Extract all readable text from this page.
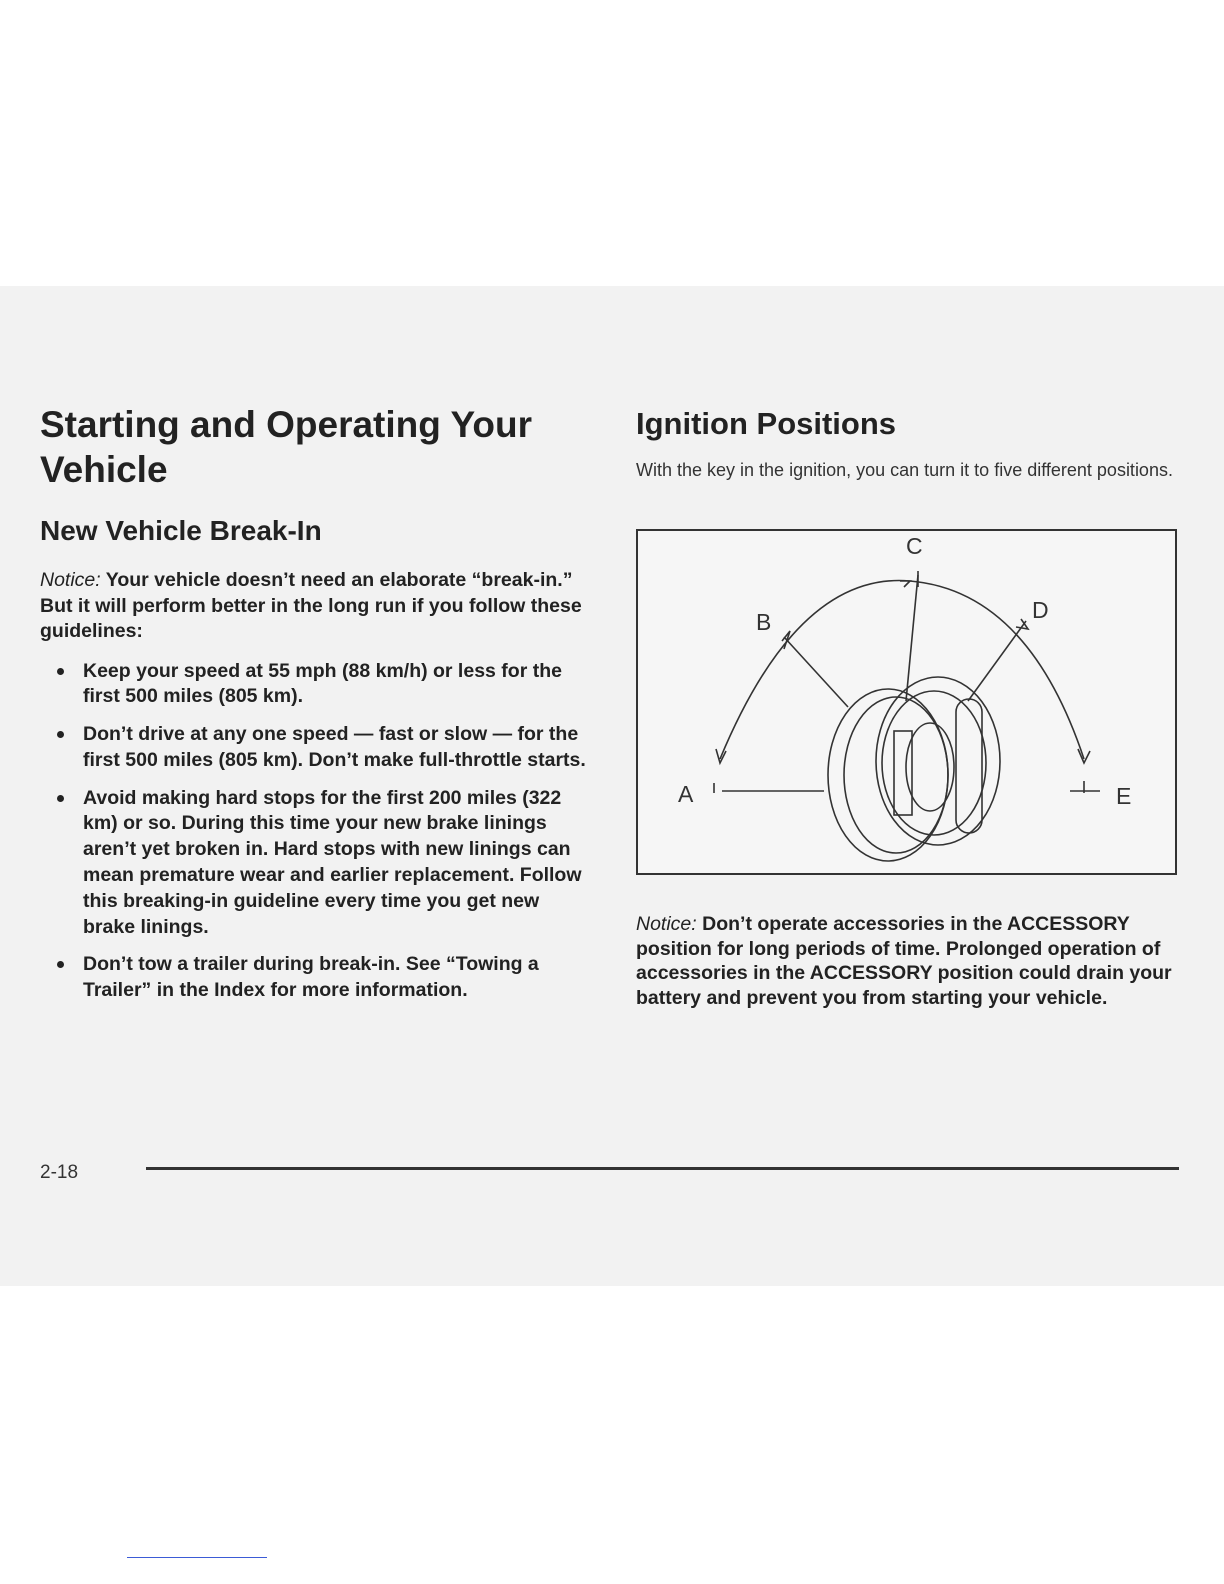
Starting and Operating Your Vehicle
New Vehicle Break-In

Notice: Your vehicle doesn’t need an elaborate “break-in.” But it will perform better in the long run if you follow these guidelines:

Keep your speed at 55 mph (88 km/h) or less for the first 500 miles (805 km).
Don’t drive at any one speed — fast or slow — for the first 500 miles (805 km). Don’t make full-throttle starts.
Avoid making hard stops for the first 200 miles (322 km) or so. During this time your new brake linings aren’t yet broken in. Hard stops with new linings can mean premature wear and earlier replacement. Follow this breaking-in guideline every time you get new brake linings.
Don’t tow a trailer during break-in. See “Towing a Trailer” in the Index for more information.
Ignition Positions

With the key in the ignition, you can turn it to five different positions.

C
B	D
A	E

Notice: Don’t operate accessories in the ACCESSORY position for long periods of time. Prolonged operation of accessories in the ACCESSORY position could drain your battery and prevent you from starting your vehicle.

2-18
